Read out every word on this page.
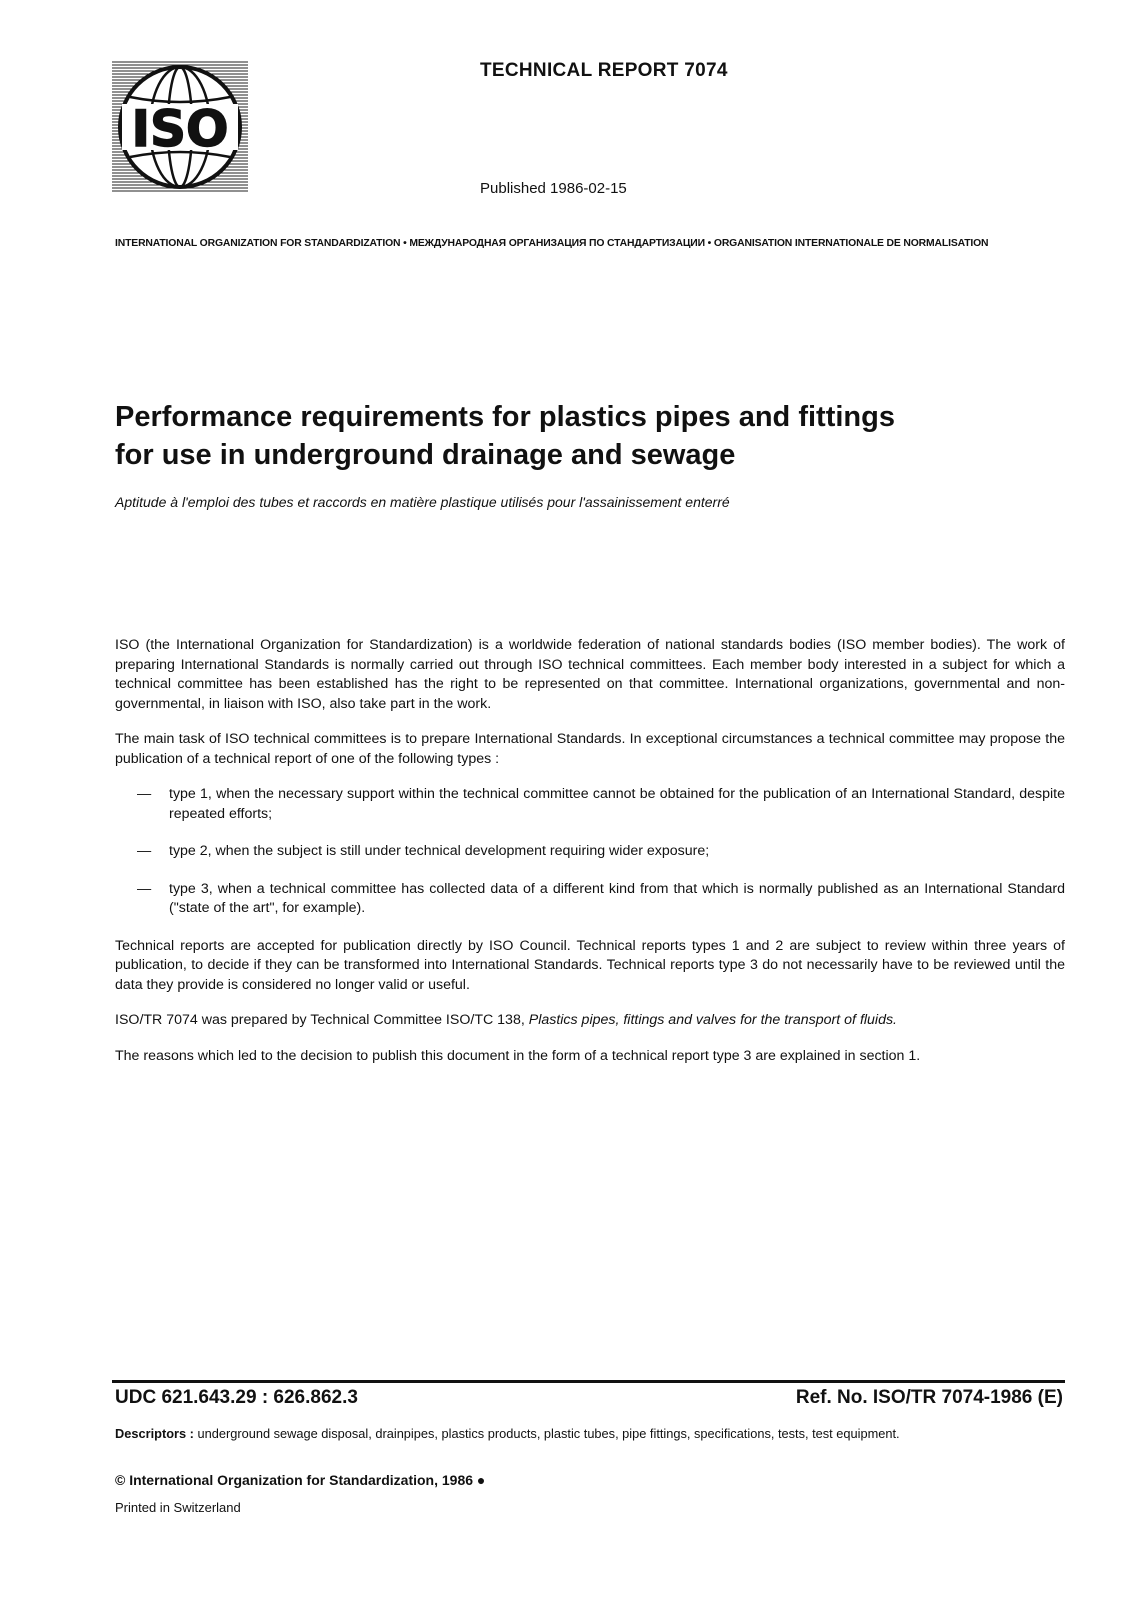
ISO
TECHNICAL REPORT 7074
Published 1986-02-15
INTERNATIONAL ORGANIZATION FOR STANDARDIZATION • МЕЖДУНАРОДНАЯ ОРГАНИЗАЦИЯ ПО СТАНДАРТИЗАЦИИ • ORGANISATION INTERNATIONALE DE NORMALISATION
Performance requirements for plastics pipes and fittings
for use in underground drainage and sewage
Aptitude à l'emploi des tubes et raccords en matière plastique utilisés pour l'assainissement enterré

ISO (the International Organization for Standardization) is a worldwide federation of national standards bodies (ISO member bodies). The work of preparing International Standards is normally carried out through ISO technical committees. Each member body interested in a subject for which a technical committee has been established has the right to be represented on that committee. International organizations, governmental and non-governmental, in liaison with ISO, also take part in the work.

The main task of ISO technical committees is to prepare International Standards. In exceptional circumstances a technical committee may propose the publication of a technical report of one of the following types :

—	type 1, when the necessary support within the technical committee cannot be obtained for the publication of an International Standard, despite repeated efforts;
—	type 2, when the subject is still under technical development requiring wider exposure;
—	type 3, when a technical committee has collected data of a different kind from that which is normally published as an International Standard ("state of the art", for example).

Technical reports are accepted for publication directly by ISO Council. Technical reports types 1 and 2 are subject to review within three years of publication, to decide if they can be transformed into International Standards. Technical reports type 3 do not necessarily have to be reviewed until the data they provide is considered no longer valid or useful.

ISO/TR 7074 was prepared by Technical Committee ISO/TC 138, Plastics pipes, fittings and valves for the transport of fluids.

The reasons which led to the decision to publish this document in the form of a technical report type 3 are explained in section 1.

UDC 621.643.29 : 626.862.3	Ref. No. ISO/TR 7074-1986 (E)
Descriptors : underground sewage disposal, drainpipes, plastics products, plastic tubes, pipe fittings, specifications, tests, test equipment.
© International Organization for Standardization, 1986 ●
Printed in Switzerland
